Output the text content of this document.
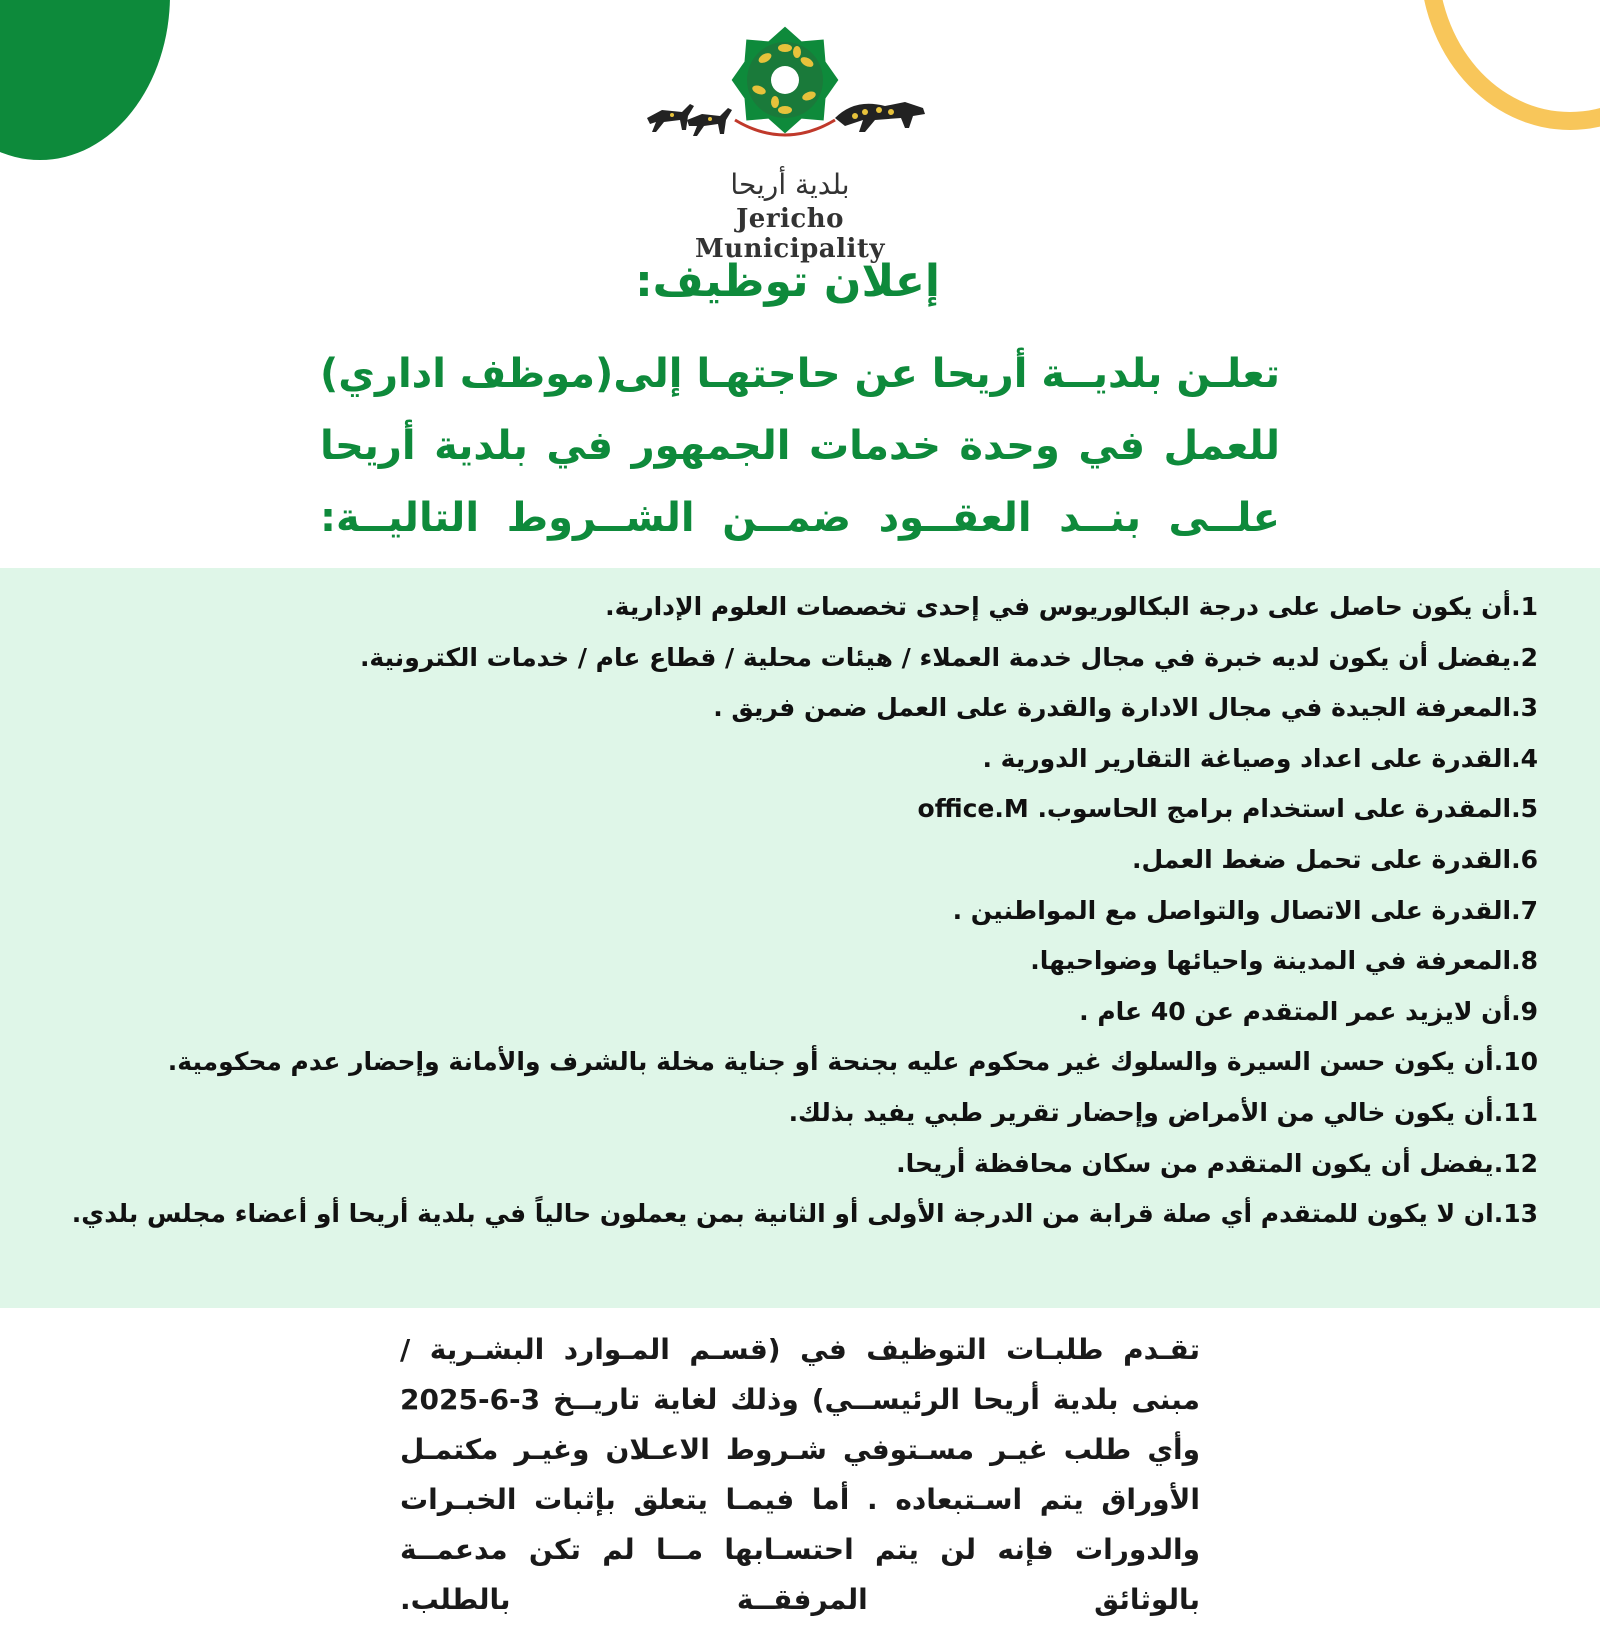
بلدية أريحا
Jericho Municipality
إعلان توظيف:
تعلـن بلديــة أريحا عن حاجتهـا إلى(موظف اداري) للعمل في وحدة خدمات الجمهور في بلدية أريحا علــى بنــد العقــود ضمــن الشــروط التاليــة:
1.أن يكون حاصل على درجة البكالوريوس في إحدى تخصصات العلوم الإدارية.
2.يفضل أن يكون لديه خبرة في مجال خدمة العملاء / هيئات محلية / قطاع عام / خدمات الكترونية.
3.المعرفة الجيدة في مجال الادارة والقدرة على العمل ضمن فريق .
4.القدرة على اعداد وصياغة التقارير الدورية .
5.المقدرة على استخدام برامج الحاسوب. office.M
6.القدرة على تحمل ضغط العمل.
7.القدرة على الاتصال والتواصل مع المواطنين .
8.المعرفة في المدينة واحيائها وضواحيها.
9.أن لايزيد عمر المتقدم عن 40 عام .
10.أن يكون حسن السيرة والسلوك غير محكوم عليه بجنحة أو جناية مخلة بالشرف والأمانة وإحضار عدم محكومية.
11.أن يكون خالي من الأمراض وإحضار تقرير طبي يفيد بذلك.
12.يفضل أن يكون المتقدم من سكان محافظة أريحا.
13.ان لا يكون للمتقدم أي صلة قرابة من الدرجة الأولى أو الثانية بمن يعملون حالياً في بلدية أريحا أو أعضاء مجلس بلدي.
تقـدم طلبـات التوظيف في (قسـم المـوارد البشـرية / مبنى بلدية أريحا الرئيســي) وذلك لغاية تاريــخ 3-6-2025 وأي طلب غيـر مسـتوفي شـروط الاعـلان وغيـر مكتمـل الأوراق يتم اسـتبعاده . أما فيمـا يتعلق بإثبات الخبـرات والدورات فإنه لن يتم احتسـابها مــا لم تكن مدعمــة بالوثائق المرفقــة بالطلب.
